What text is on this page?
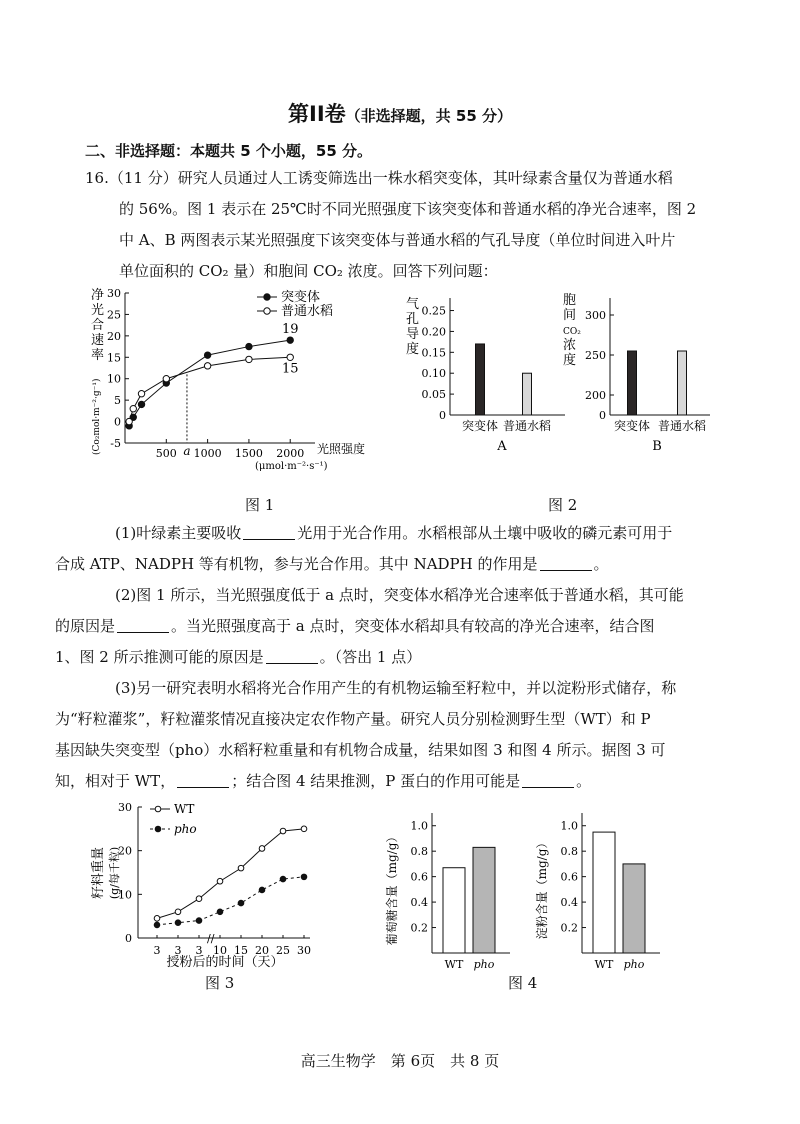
第II卷（非选择题，共 55 分）
二、非选择题：本题共 5 个小题，55 分。
16.（11 分）研究人员通过人工诱变筛选出一株水稻突变体，其叶绿素含量仅为普通水稻
的 56%。图 1 表示在 25℃时不同光照强度下该突变体和普通水稻的净光合速率，图 2
中 A、B 两图表示某光照强度下该突变体与普通水稻的气孔导度（单位时间进入叶片
单位面积的 CO₂ 量）和胞间 CO₂ 浓度。回答下列问题：
-5
0
5
10
15
20
25
30
500 1000 1500 2000
a
净
光
合
速
率
(Co₂mol·m⁻²·g⁻¹)	光照强度
(μmol·m⁻²·s⁻¹)
19
15
突变体
普通水稻
0
0.05
0.10
0.15
0.20
0.25
突变体 普通水稻
气
孔
导
度
A
0
200
250
300
突变体 普通水稻
胞
间
CO₂
浓
度
B
图 1	图 2
(1)叶绿素主要吸收	光用于光合作用。水稻根部从土壤中吸收的磷元素可用于
合成 ATP、NADPH 等有机物，参与光合作用。其中 NADPH 的作用是	。
(2)图 1 所示，当光照强度低于 a 点时，突变体水稻净光合速率低于普通水稻，其可能
的原因是	。当光照强度高于 a 点时，突变体水稻却具有较高的净光合速率，结合图
1、图 2 所示推测可能的原因是	。（答出 1 点）
(3)另一研究表明水稻将光合作用产生的有机物运输至籽粒中，并以淀粉形式储存，称
为“籽粒灌浆”，籽粒灌浆情况直接决定农作物产量。研究人员分别检测野生型（WT）和 P
基因缺失突变型（pho）水稻籽粒重量和有机物合成量，结果如图 3 和图 4 所示。据图 3 可
知，相对于 WT，	；结合图 4 结果推测，P 蛋白的作用可能是	。
//
0
10
20
30
3 3 3 10 15 20 25 30
授粉后的时间（天）
籽料重量 (g/每千粒)
WT
pho
0.2
0.4
0.6
0.8
1.0
WT pho
葡萄糖含量（mg/g）	0.2
0.4
0.6
0.8
1.0
WT pho
淀粉含量（mg/g）
图 3	图 4
高三生物学　第 6页　共 8 页
